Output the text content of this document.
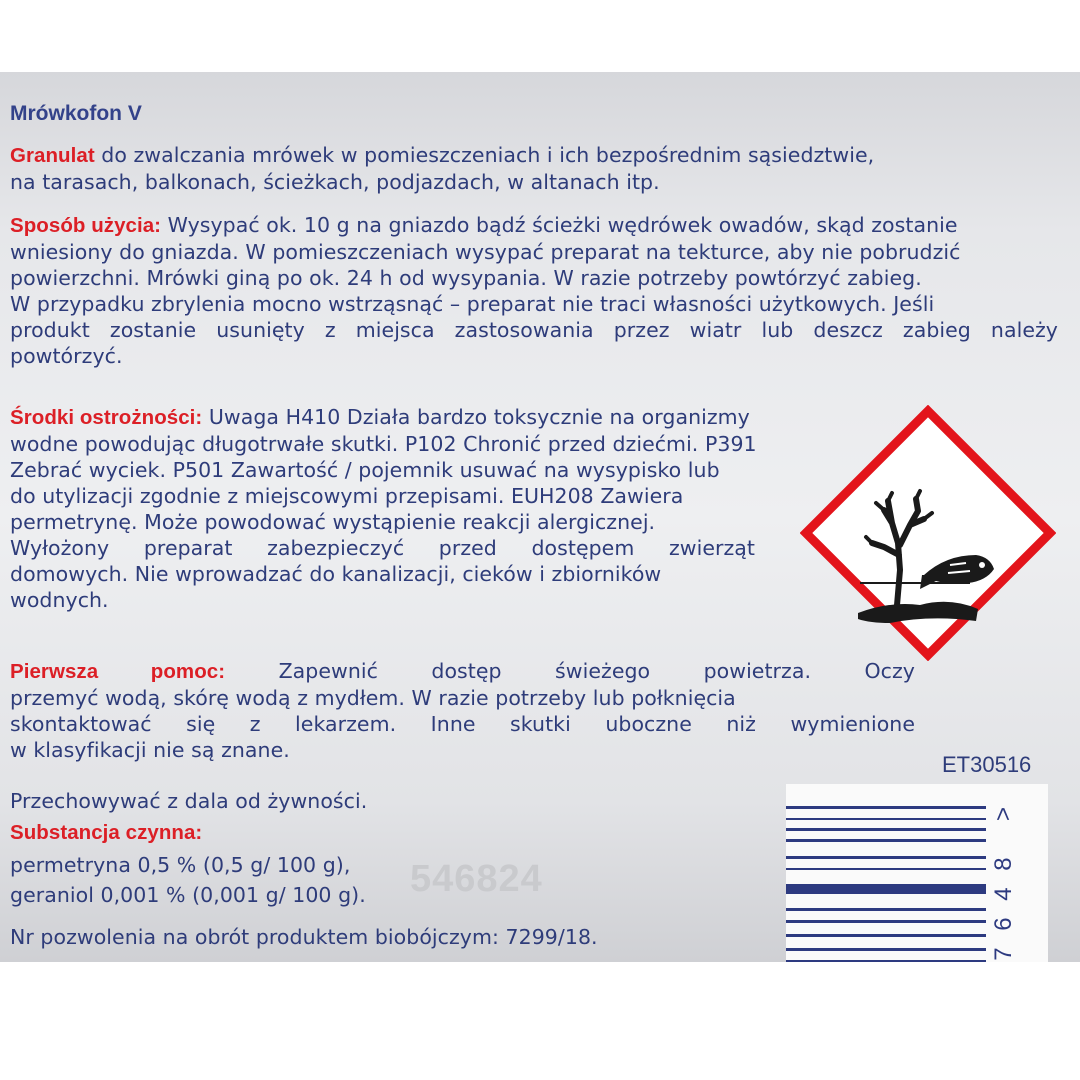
Mrówkofon V
Granulat do zwalczania mrówek w pomieszczeniach i ich bezpośrednim sąsiedztwie,
na tarasach, balkonach, ścieżkach, podjazdach, w altanach itp.
Sposób użycia: Wysypać ok. 10 g na gniazdo bądź ścieżki wędrówek owadów, skąd zostanie
wniesiony do gniazda. W pomieszczeniach wysypać preparat na tekturce, aby nie pobrudzić
powierzchni. Mrówki giną po ok. 24 h od wysypania. W razie potrzeby powtórzyć zabieg.
W przypadku zbrylenia mocno wstrząsnąć – preparat nie traci własności użytkowych. Jeśli
produkt zostanie usunięty z miejsca zastosowania przez wiatr lub deszcz zabieg należy
powtórzyć.
Środki ostrożności: Uwaga H410 Działa bardzo toksycznie na organizmy
wodne powodując długotrwałe skutki. P102 Chronić przed dziećmi. P391
Zebrać wyciek. P501 Zawartość / pojemnik usuwać na wysypisko lub
do utylizacji zgodnie z miejscowymi przepisami. EUH208 Zawiera
permetrynę. Może powodować wystąpienie reakcji alergicznej.
Wyłożony preparat zabezpieczyć przed dostępem zwierząt
domowych. Nie wprowadzać do kanalizacji, cieków i zbiorników
wodnych.
Pierwsza pomoc: Zapewnić dostęp świeżego powietrza. Oczy
przemyć wodą, skórę wodą z mydłem. W razie potrzeby lub połknięcia
skontaktować się z lekarzem. Inne skutki uboczne niż wymienione
w klasyfikacji nie są znane.
Przechowywać z dala od żywności.
Substancja czynna:
permetryna 0,5 % (0,5 g/ 100 g),
geraniol 0,001 % (0,001 g/ 100 g).
Nr pozwolenia na obrót produktem biobójczym: 7299/18.
546824
ET30516
>
8
4
6
7
